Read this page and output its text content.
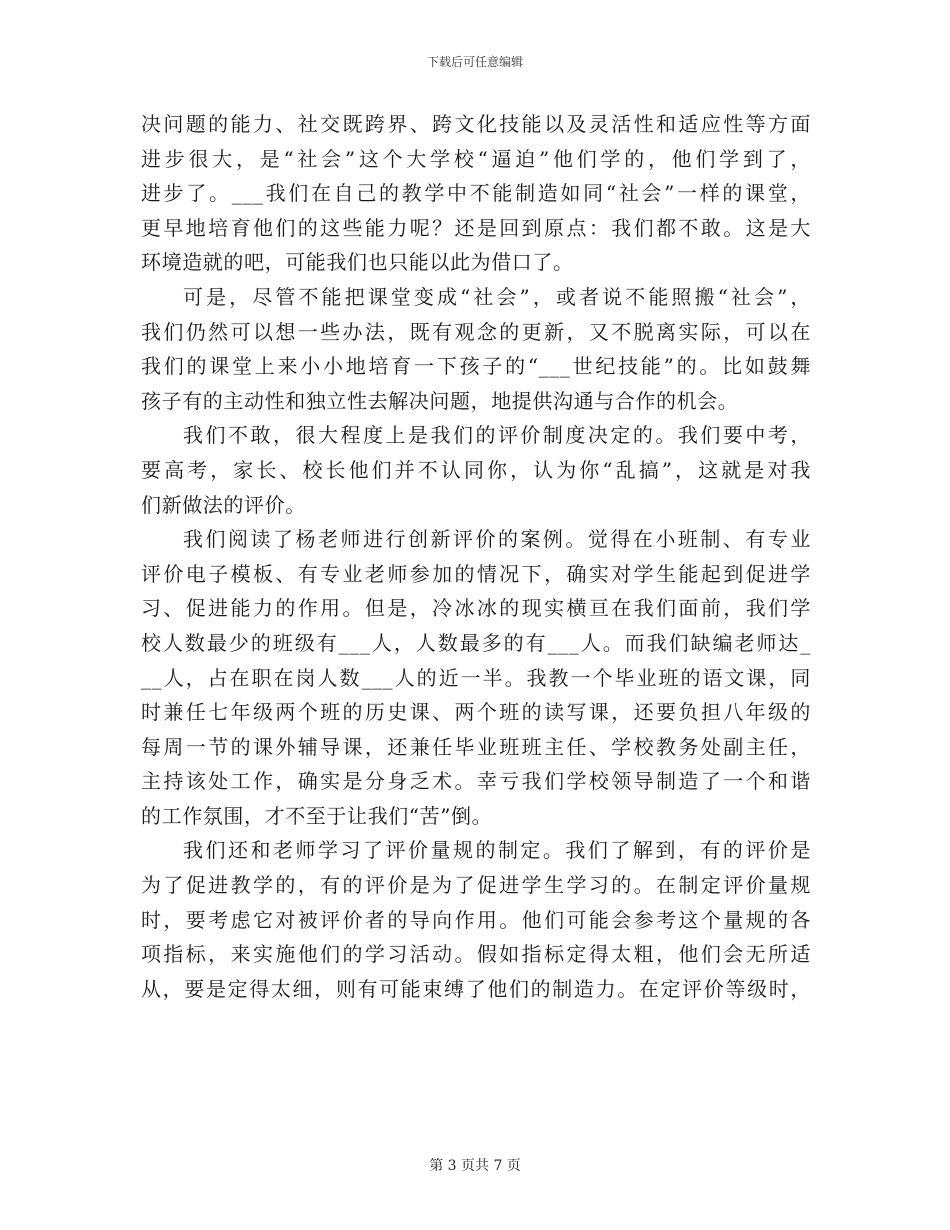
下载后可任意编辑
决问题的能力、社交既跨界、跨文化技能以及灵活性和适应性等方面
进步很大，是“社会”这个大学校“逼迫”他们学的，他们学到了，
进步了。___我们在自己的教学中不能制造如同“社会”一样的课堂，
更早地培育他们的这些能力呢？还是回到原点：我们都不敢。这是大
环境造就的吧，可能我们也只能以此为借口了。
可是，尽管不能把课堂变成“社会”，或者说不能照搬“社会”，
我们仍然可以想一些办法，既有观念的更新，又不脱离实际，可以在
我们的课堂上来小小地培育一下孩子的“___世纪技能”的。比如鼓舞
孩子有的主动性和独立性去解决问题，地提供沟通与合作的机会。
我们不敢，很大程度上是我们的评价制度决定的。我们要中考，
要高考，家长、校长他们并不认同你，认为你“乱搞”，这就是对我
们新做法的评价。
我们阅读了杨老师进行创新评价的案例。觉得在小班制、有专业
评价电子模板、有专业老师参加的情况下，确实对学生能起到促进学
习、促进能力的作用。但是，冷冰冰的现实横亘在我们面前，我们学
校人数最少的班级有___人，人数最多的有___人。而我们缺编老师达_
__人，占在职在岗人数___人的近一半。我教一个毕业班的语文课，同
时兼任七年级两个班的历史课、两个班的读写课，还要负担八年级的
每周一节的课外辅导课，还兼任毕业班班主任、学校教务处副主任，
主持该处工作，确实是分身乏术。幸亏我们学校领导制造了一个和谐
的工作氛围，才不至于让我们“苦”倒。
我们还和老师学习了评价量规的制定。我们了解到，有的评价是
为了促进教学的，有的评价是为了促进学生学习的。在制定评价量规
时，要考虑它对被评价者的导向作用。他们可能会参考这个量规的各
项指标，来实施他们的学习活动。假如指标定得太粗，他们会无所适
从，要是定得太细，则有可能束缚了他们的制造力。在定评价等级时，
第 3 页共 7 页
